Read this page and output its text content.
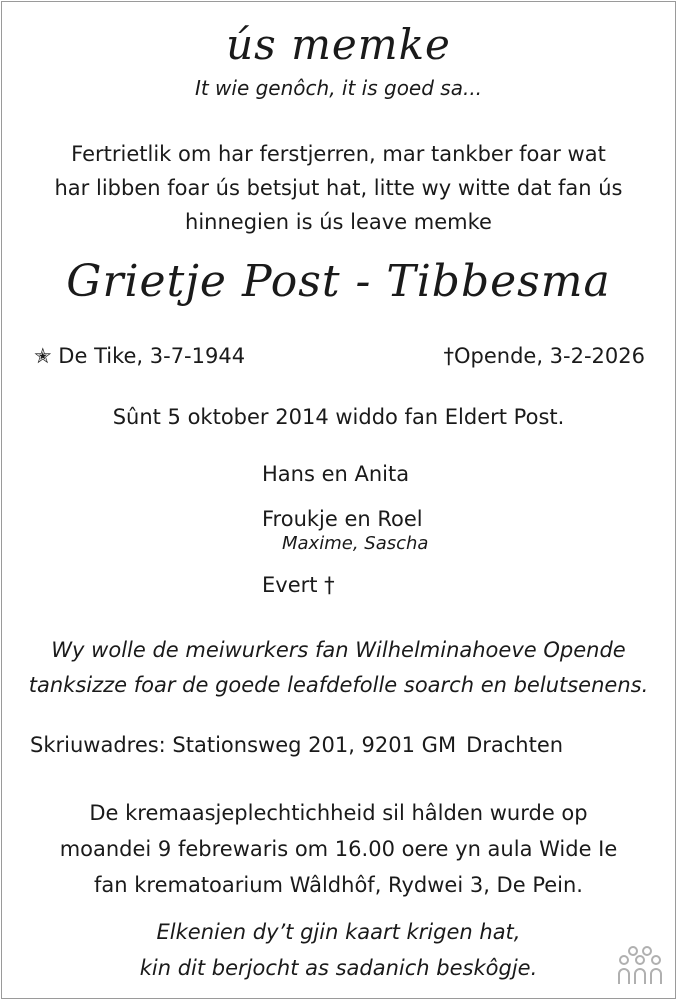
ús memke
It wie genôch, it is goed sa...
Fertrietlik om har ferstjerren, mar tankber foar wat
har libben foar ús betsjut hat, litte wy witte dat fan ús
hinnegien is ús leave memke
Grietje Post - Tibbesma
✭ De Tike, 3-7-1944	†Opende, 3-2-2026
Sûnt 5 oktober 2014 widdo fan Eldert Post.
Hans en Anita
Froukje en Roel
Maxime, Sascha
Evert †
Wy wolle de meiwurkers fan Wilhelminahoeve Opende
tanksizze foar de goede leafdefolle soarch en belutsenens.
Skriuwadres: Stationsweg 201, 9201 GM Drachten
De kremaasjeplechtichheid sil hâlden wurde op
moandei 9 febrewaris om 16.00 oere yn aula Wide Ie
fan krematoarium Wâldhôf, Rydwei 3, De Pein.
Elkenien dy’t gjin kaart krigen hat,
kin dit berjocht as sadanich beskôgje.
